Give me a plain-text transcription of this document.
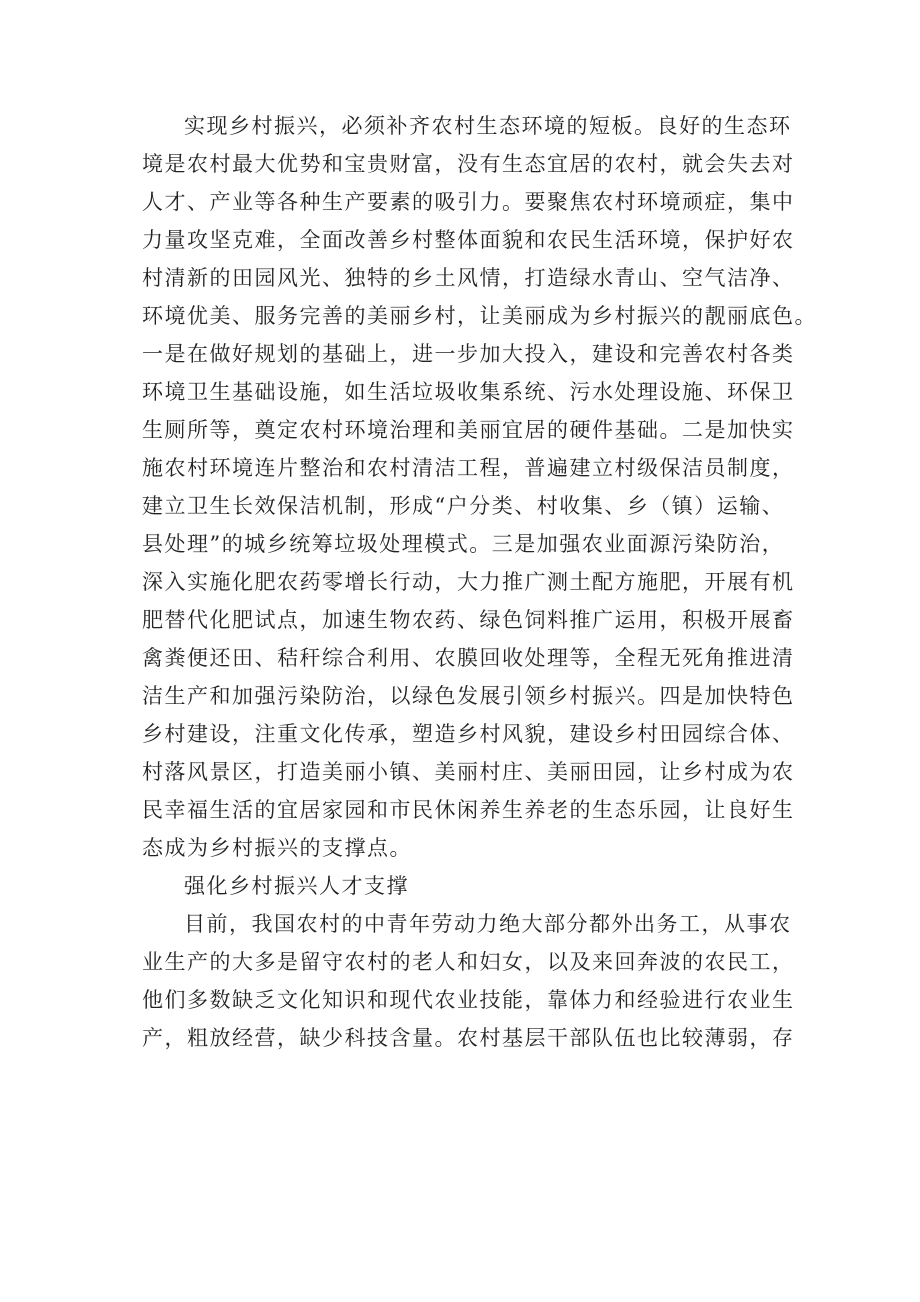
实现乡村振兴，必须补齐农村生态环境的短板。良好的生态环
境是农村最大优势和宝贵财富，没有生态宜居的农村，就会失去对
人才、产业等各种生产要素的吸引力。要聚焦农村环境顽症，集中
力量攻坚克难，全面改善乡村整体面貌和农民生活环境，保护好农
村清新的田园风光、独特的乡土风情，打造绿水青山、空气洁净、
环境优美、服务完善的美丽乡村，让美丽成为乡村振兴的靓丽底色。
一是在做好规划的基础上，进一步加大投入，建设和完善农村各类
环境卫生基础设施，如生活垃圾收集系统、污水处理设施、环保卫
生厕所等，奠定农村环境治理和美丽宜居的硬件基础。二是加快实
施农村环境连片整治和农村清洁工程，普遍建立村级保洁员制度，
建立卫生长效保洁机制，形成“户分类、村收集、乡（镇）运输、
县处理”的城乡统筹垃圾处理模式。三是加强农业面源污染防治，
深入实施化肥农药零增长行动，大力推广测土配方施肥，开展有机
肥替代化肥试点，加速生物农药、绿色饲料推广运用，积极开展畜
禽粪便还田、秸秆综合利用、农膜回收处理等，全程无死角推进清
洁生产和加强污染防治，以绿色发展引领乡村振兴。四是加快特色
乡村建设，注重文化传承，塑造乡村风貌，建设乡村田园综合体、
村落风景区，打造美丽小镇、美丽村庄、美丽田园，让乡村成为农
民幸福生活的宜居家园和市民休闲养生养老的生态乐园，让良好生
态成为乡村振兴的支撑点。
强化乡村振兴人才支撑
目前，我国农村的中青年劳动力绝大部分都外出务工，从事农
业生产的大多是留守农村的老人和妇女，以及来回奔波的农民工，
他们多数缺乏文化知识和现代农业技能，靠体力和经验进行农业生
产，粗放经营，缺少科技含量。农村基层干部队伍也比较薄弱，存
